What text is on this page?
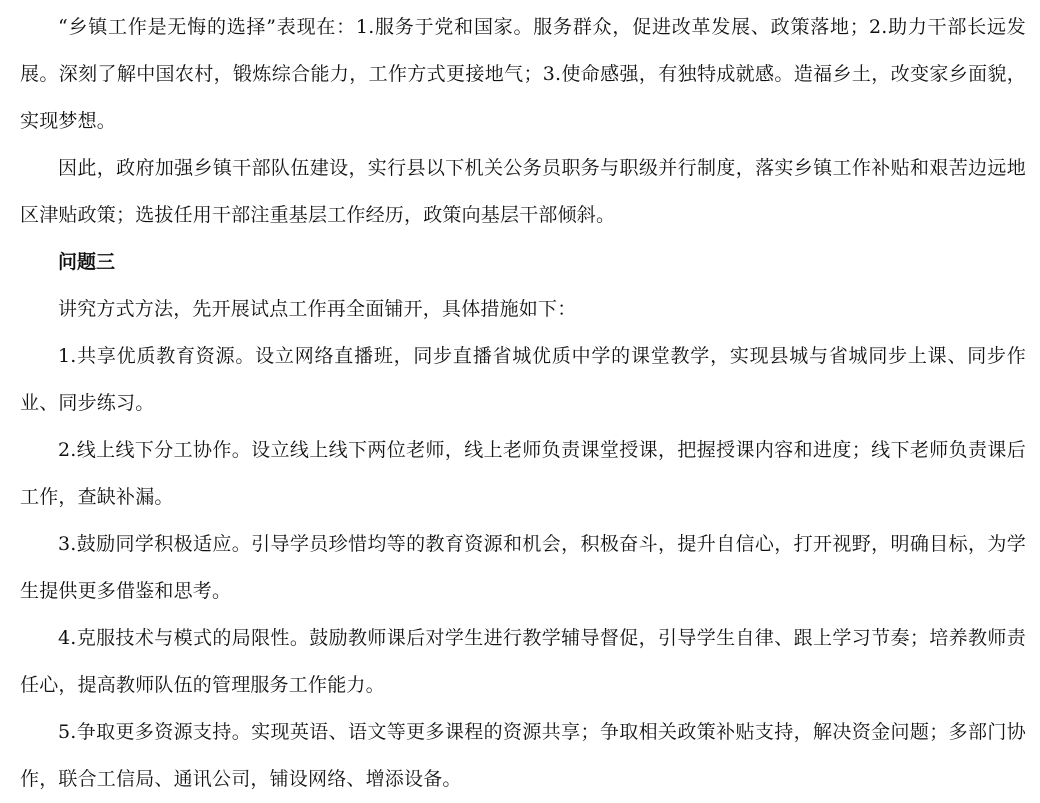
“乡镇工作是无悔的选择”表现在：1.服务于党和国家。服务群众，促进改革发展、政策落地；2.助力干部长远发展。深刻了解中国农村，锻炼综合能力，工作方式更接地气；3.使命感强，有独特成就感。造福乡土，改变家乡面貌，实现梦想。

因此，政府加强乡镇干部队伍建设，实行县以下机关公务员职务与职级并行制度，落实乡镇工作补贴和艰苦边远地区津贴政策；选拔任用干部注重基层工作经历，政策向基层干部倾斜。

问题三

讲究方式方法，先开展试点工作再全面铺开，具体措施如下：

1.共享优质教育资源。设立网络直播班，同步直播省城优质中学的课堂教学，实现县城与省城同步上课、同步作业、同步练习。

2.线上线下分工协作。设立线上线下两位老师，线上老师负责课堂授课，把握授课内容和进度；线下老师负责课后工作，查缺补漏。

3.鼓励同学积极适应。引导学员珍惜均等的教育资源和机会，积极奋斗，提升自信心，打开视野，明确目标，为学生提供更多借鉴和思考。

4.克服技术与模式的局限性。鼓励教师课后对学生进行教学辅导督促，引导学生自律、跟上学习节奏；培养教师责任心，提高教师队伍的管理服务工作能力。

5.争取更多资源支持。实现英语、语文等更多课程的资源共享；争取相关政策补贴支持，解决资金问题；多部门协作，联合工信局、通讯公司，铺设网络、增添设备。
